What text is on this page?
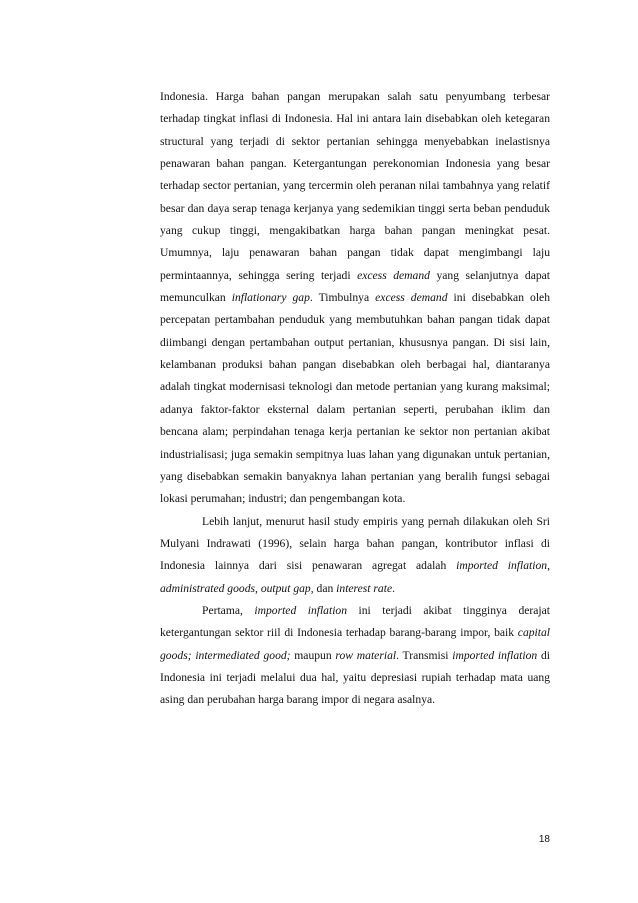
Indonesia. Harga bahan pangan merupakan salah satu penyumbang terbesar terhadap tingkat inflasi di Indonesia. Hal ini antara lain disebabkan oleh ketegaran structural yang terjadi di sektor pertanian sehingga menyebabkan inelastisnya penawaran bahan pangan. Ketergantungan perekonomian Indonesia yang besar terhadap sector pertanian, yang tercermin oleh peranan nilai tambahnya yang relatif besar dan daya serap tenaga kerjanya yang sedemikian tinggi serta beban penduduk yang cukup tinggi, mengakibatkan harga bahan pangan meningkat pesat. Umumnya, laju penawaran bahan pangan tidak dapat mengimbangi laju permintaannya, sehingga sering terjadi excess demand yang selanjutnya dapat memunculkan inflationary gap. Timbulnya excess demand ini disebabkan oleh percepatan pertambahan penduduk yang membutuhkan bahan pangan tidak dapat diimbangi dengan pertambahan output pertanian, khususnya pangan. Di sisi lain, kelambanan produksi bahan pangan disebabkan oleh berbagai hal, diantaranya adalah tingkat modernisasi teknologi dan metode pertanian yang kurang maksimal; adanya faktor-faktor eksternal dalam pertanian seperti, perubahan iklim dan bencana alam; perpindahan tenaga kerja pertanian ke sektor non pertanian akibat industrialisasi; juga semakin sempitnya luas lahan yang digunakan untuk pertanian, yang disebabkan semakin banyaknya lahan pertanian yang beralih fungsi sebagai lokasi perumahan; industri; dan pengembangan kota.

Lebih lanjut, menurut hasil study empiris yang pernah dilakukan oleh Sri Mulyani Indrawati (1996), selain harga bahan pangan, kontributor inflasi di Indonesia lainnya dari sisi penawaran agregat adalah imported inflation, administrated goods, output gap, dan interest rate.

Pertama, imported inflation ini terjadi akibat tingginya derajat ketergantungan sektor riil di Indonesia terhadap barang-barang impor, baik capital goods; intermediated good; maupun row material. Transmisi imported inflation di Indonesia ini terjadi melalui dua hal, yaitu depresiasi rupiah terhadap mata uang asing dan perubahan harga barang impor di negara asalnya.

18
